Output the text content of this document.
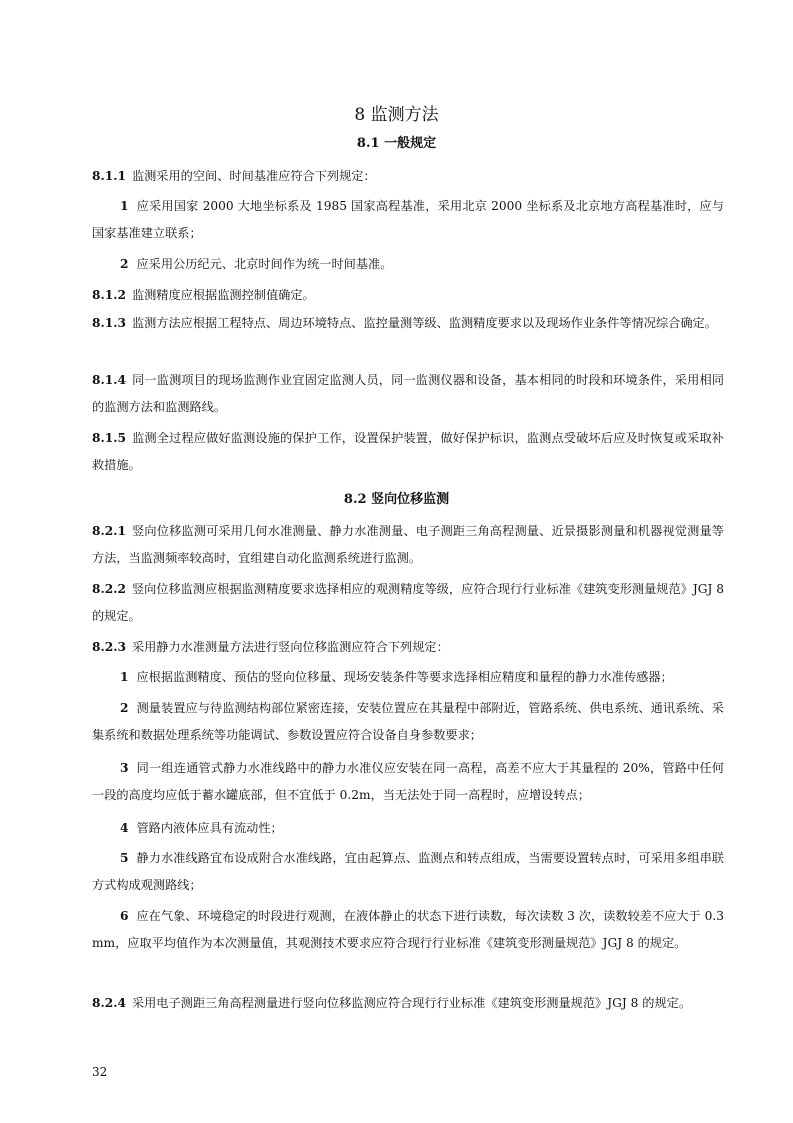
8 监测方法
8.1 一般规定

8.1.1 监测采用的空间、时间基准应符合下列规定：

1 应采用国家 2000 大地坐标系及 1985 国家高程基准，采用北京 2000 坐标系及北京地方高程基准时，应与国家基准建立联系；

2 应采用公历纪元、北京时间作为统一时间基准。

8.1.2 监测精度应根据监测控制值确定。

8.1.3 监测方法应根据工程特点、周边环境特点、监控量测等级、监测精度要求以及现场作业条件等情况综合确定。

8.1.4 同一监测项目的现场监测作业宜固定监测人员，同一监测仪器和设备，基本相同的时段和环境条件，采用相同的监测方法和监测路线。

8.1.5 监测全过程应做好监测设施的保护工作，设置保护装置，做好保护标识，监测点受破坏后应及时恢复或采取补救措施。

8.2 竖向位移监测

8.2.1 竖向位移监测可采用几何水准测量、静力水准测量、电子测距三角高程测量、近景摄影测量和机器视觉测量等方法，当监测频率较高时，宜组建自动化监测系统进行监测。

8.2.2 竖向位移监测应根据监测精度要求选择相应的观测精度等级，应符合现行行业标准《建筑变形测量规范》JGJ 8 的规定。

8.2.3 采用静力水准测量方法进行竖向位移监测应符合下列规定：

1 应根据监测精度、预估的竖向位移量、现场安装条件等要求选择相应精度和量程的静力水准传感器；

2 测量装置应与待监测结构部位紧密连接，安装位置应在其量程中部附近，管路系统、供电系统、通讯系统、采集系统和数据处理系统等功能调试、参数设置应符合设备自身参数要求；

3 同一组连通管式静力水准线路中的静力水准仪应安装在同一高程，高差不应大于其量程的 20%，管路中任何一段的高度均应低于蓄水罐底部，但不宜低于 0.2m，当无法处于同一高程时，应增设转点；

4 管路内液体应具有流动性；

5 静力水准线路宜布设成附合水准线路，宜由起算点、监测点和转点组成，当需要设置转点时，可采用多组串联方式构成观测路线；

6 应在气象、环境稳定的时段进行观测，在液体静止的状态下进行读数，每次读数 3 次，读数较差不应大于 0.3mm，应取平均值作为本次测量值，其观测技术要求应符合现行行业标准《建筑变形测量规范》JGJ 8 的规定。

8.2.4 采用电子测距三角高程测量进行竖向位移监测应符合现行行业标准《建筑变形测量规范》JGJ 8 的规定。

32
